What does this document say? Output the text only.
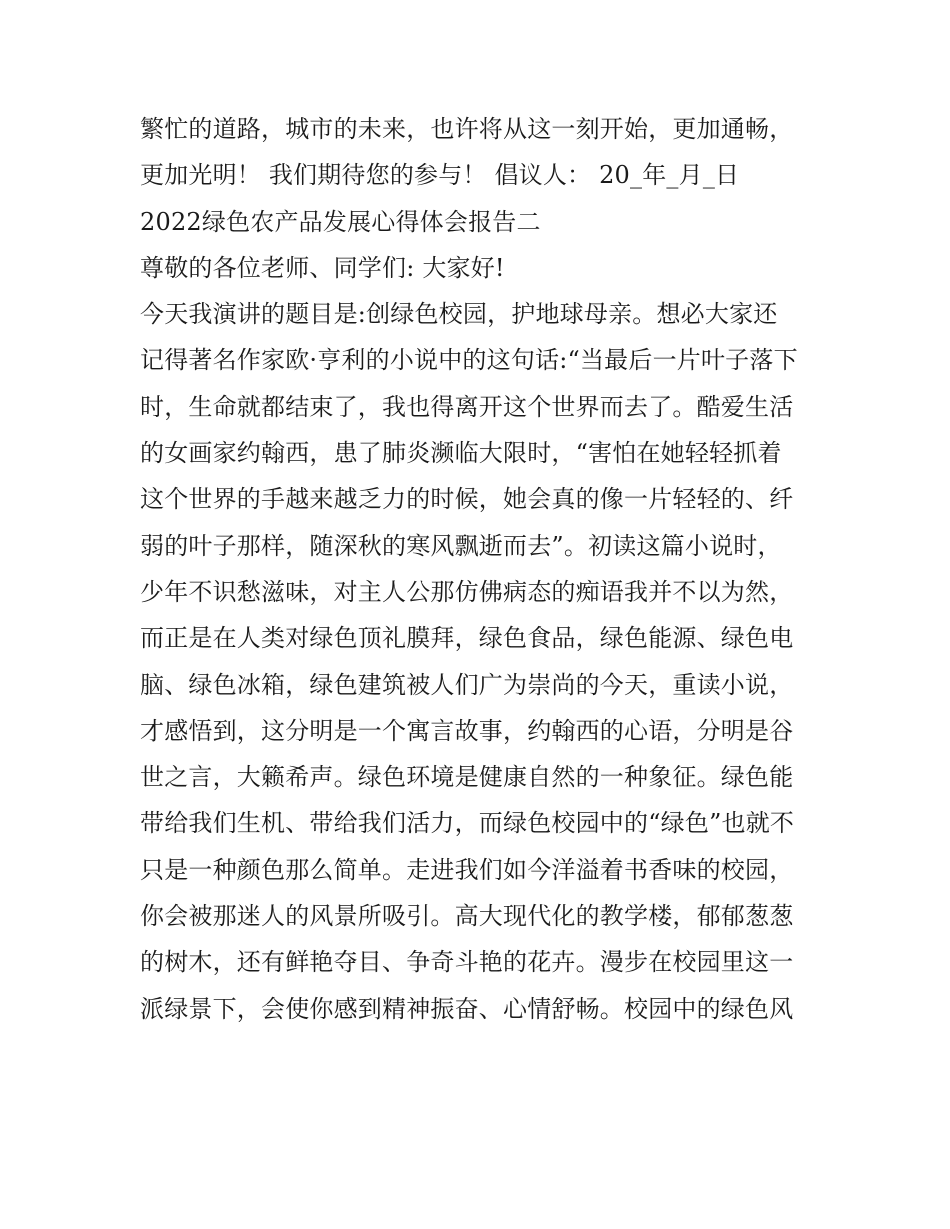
繁忙的道路，城市的未来，也许将从这一刻开始，更加通畅，
更加光明！ 我们期待您的参与！ 倡议人： 20_年_月_日
2022绿色农产品发展心得体会报告二
尊敬的各位老师、同学们: 大家好!
今天我演讲的题目是:创绿色校园，护地球母亲。想必大家还
记得著名作家欧·亨利的小说中的这句话:“当最后一片叶子落下
时，生命就都结束了，我也得离开这个世界而去了。酷爱生活
的女画家约翰西，患了肺炎濒临大限时，“害怕在她轻轻抓着
这个世界的手越来越乏力的时候，她会真的像一片轻轻的、纤
弱的叶子那样，随深秋的寒风飘逝而去”。初读这篇小说时，
少年不识愁滋味，对主人公那仿佛病态的痴语我并不以为然，
而正是在人类对绿色顶礼膜拜，绿色食品，绿色能源、绿色电
脑、绿色冰箱，绿色建筑被人们广为崇尚的今天，重读小说，
才感悟到，这分明是一个寓言故事，约翰西的心语，分明是谷
世之言，大籁希声。绿色环境是健康自然的一种象征。绿色能
带给我们生机、带给我们活力，而绿色校园中的“绿色”也就不
只是一种颜色那么简单。走进我们如今洋溢着书香味的校园，
你会被那迷人的风景所吸引。高大现代化的教学楼，郁郁葱葱
的树木，还有鲜艳夺目、争奇斗艳的花卉。漫步在校园里这一
派绿景下，会使你感到精神振奋、心情舒畅。校园中的绿色风
